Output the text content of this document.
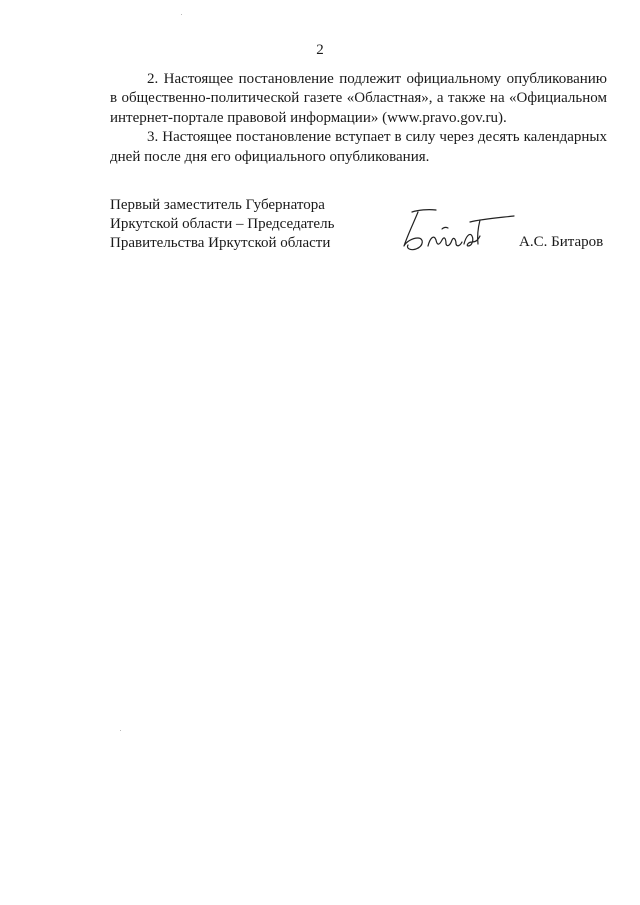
2

2. Настоящее постановление подлежит официальному опубликованию в общественно-политической газете «Областная», а также на «Официальном интернет-портале правовой информации» (www.pravo.gov.ru).

3. Настоящее постановление вступает в силу через десять календарных дней после дня его официального опубликования.

Первый заместитель Губернатора
Иркутской области – Председатель
Правительства Иркутской области	А.С. Битаров
